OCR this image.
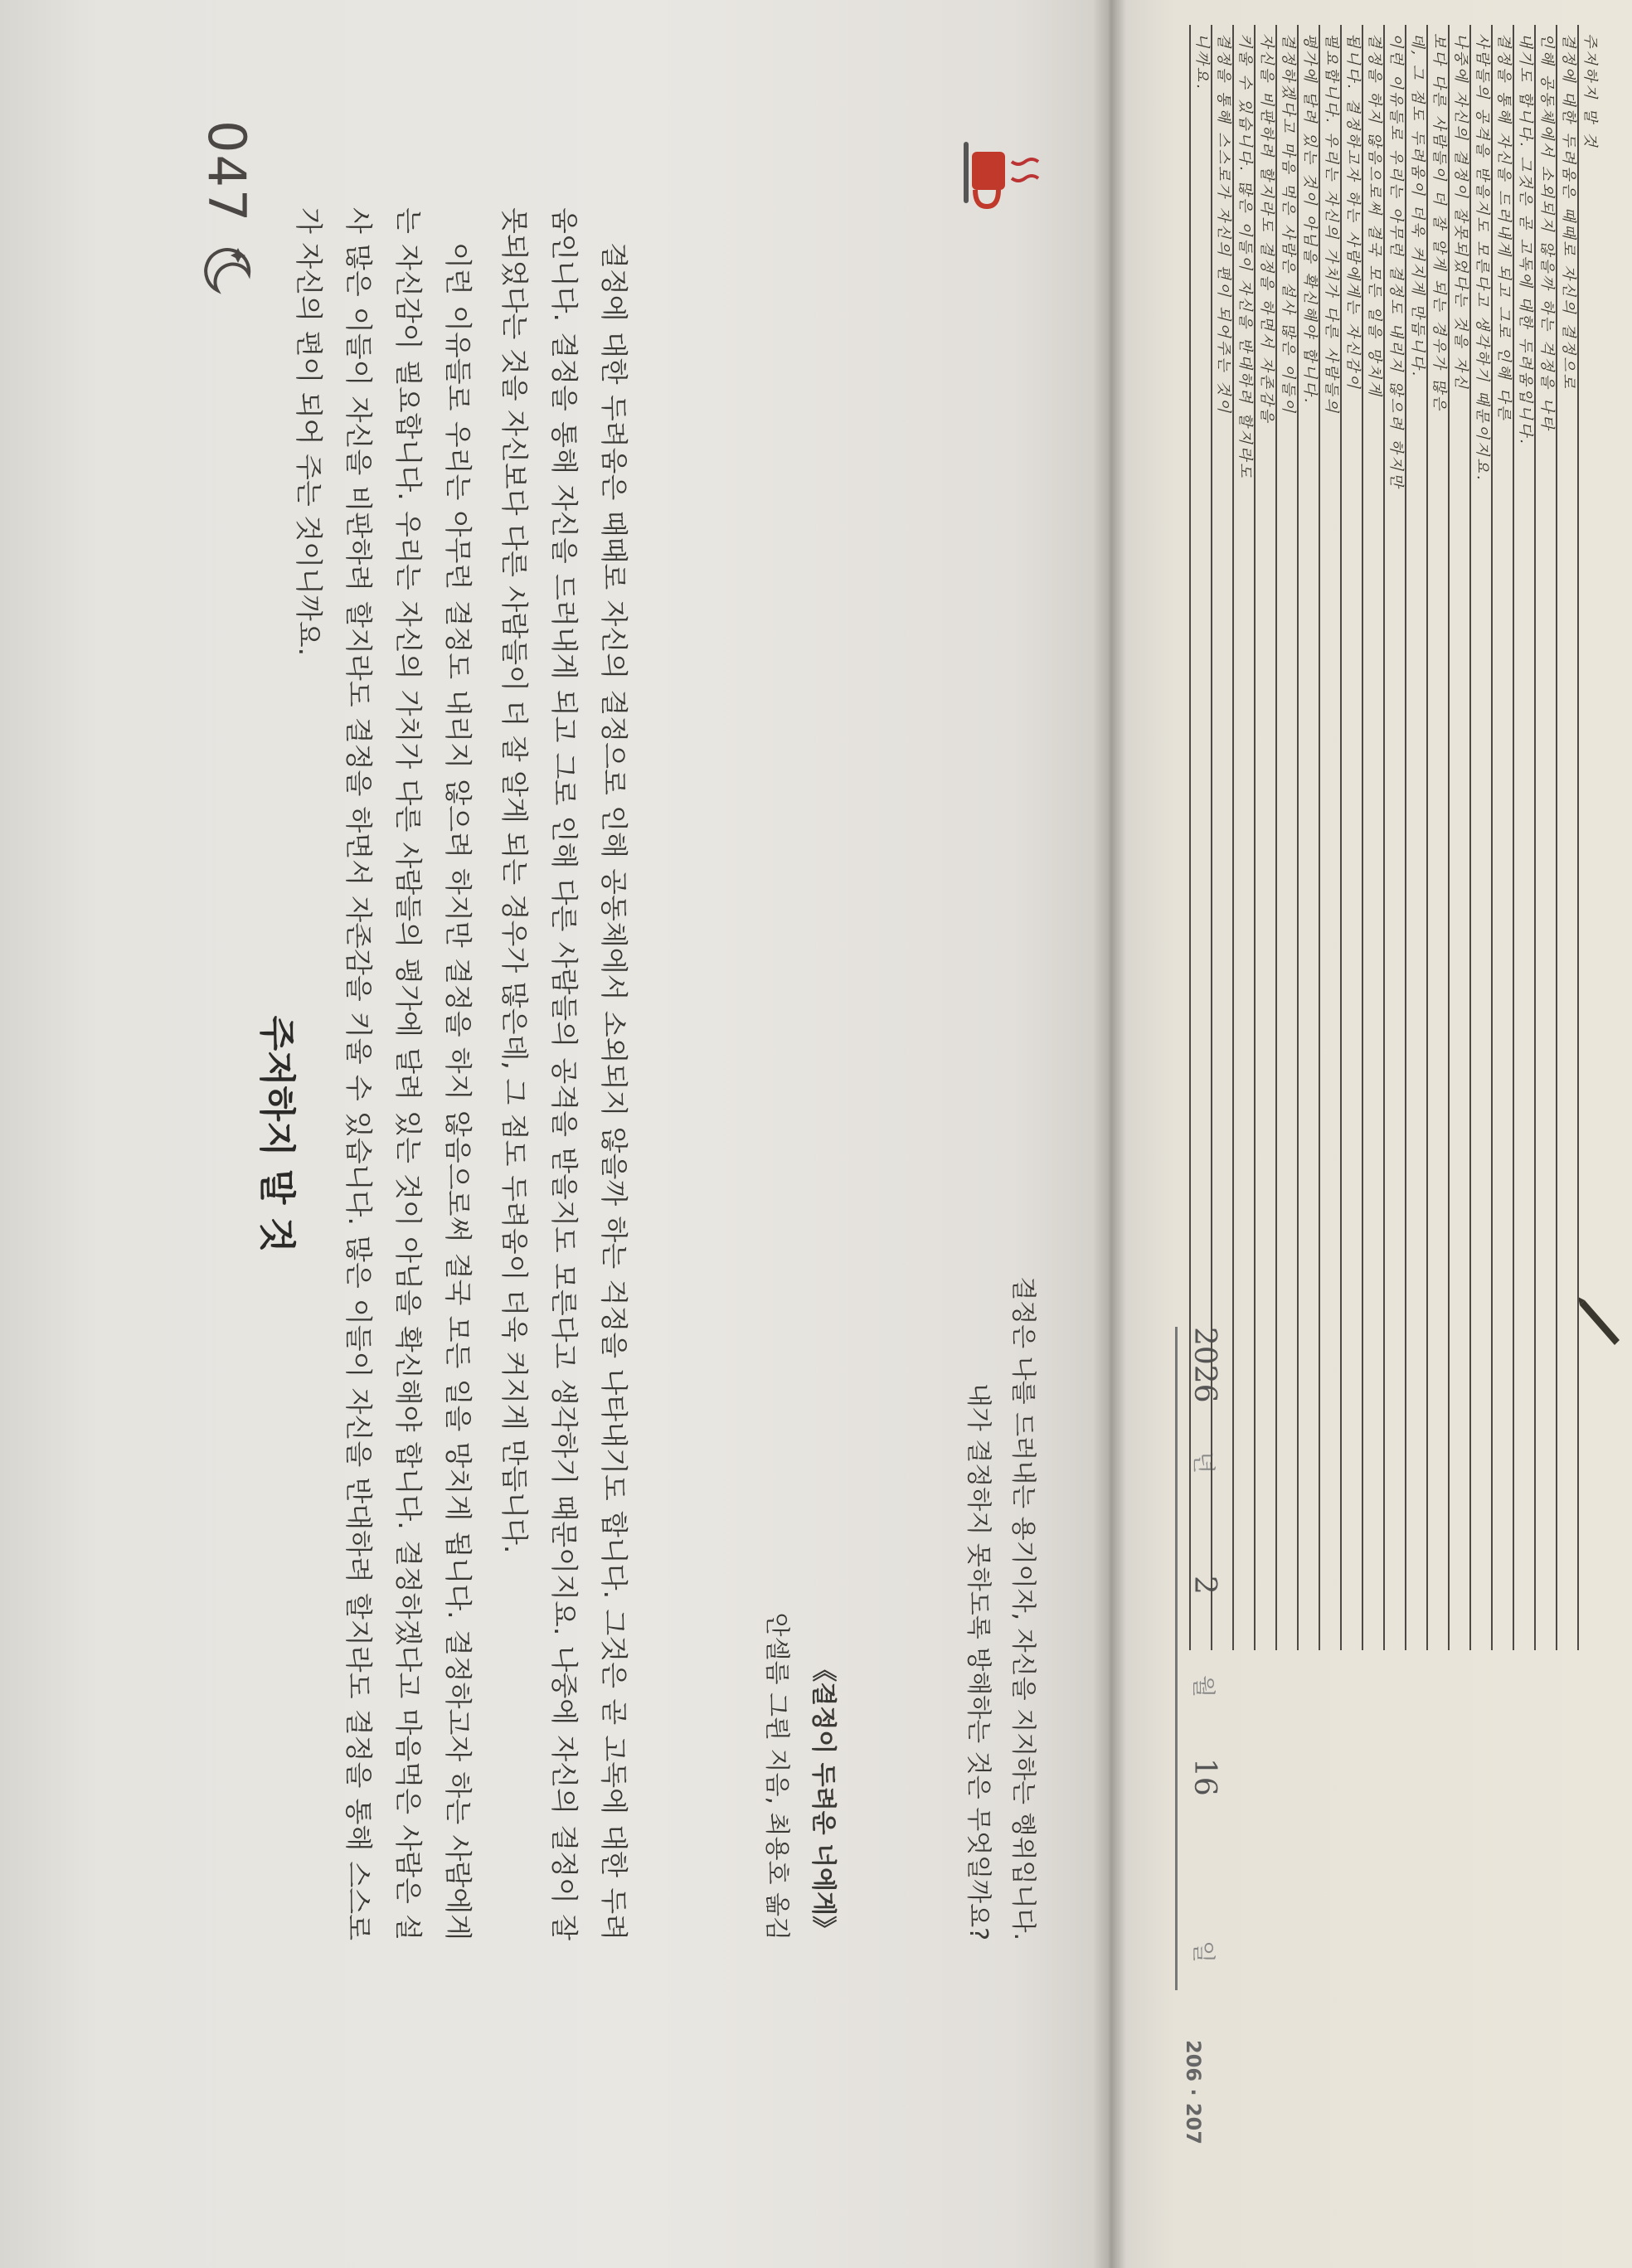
047
주저하지 말 것	결정에 대한 두려움은 때때로 자신의 결정으로 인해 공동체에서 소외되지 않을까 하는 걱정을 나타내기도 합니다. 그것은 곧 고독에 대한 두려움인니다. 결정을 통해 자신을 드러내게 되고 그로 인해 다른 사람들의 공격을 받을지도 모른다고 생각하기 때문이지요. 나중에 자신의 결정이 잘못되었다는 것을 자신보다 다른 사람들이 더 잘 알게 되는 경우가 많은데, 그 점도 두려움이 더욱 커지게 만듭니다.

이런 이유들로 우리는 아무런 결정도 내리지 않으려 하지만 결정을 하지 않음으로써 결국 모든 일을 망치게 됩니다. 결정하고자 하는 사람에게는 자신감이 필요합니다. 우리는 자신의 가치가 다른 사람들의 평가에 달려 있는 것이 아님을 확신해야 합니다. 결정하겠다고 마음먹은 사람은 설사 많은 이들이 자신을 비판하려 할지라도 결정을 하면서 자존감을 키울 수 있습니다. 많은 이들이 자신을 반대하려 할지라도 결정을 통해 스스로가 자신의 편이 되어 주는 것이니까요.

《결정이 두려운 너에게》
안셀름 그륀 지음, 최용호 옮김	결정은 나를 드러내는 용기이자, 자신을 지지하는 행위입니다.
내가 결정하지 못하도록 방해하는 것은 무엇일까요?
2026
년
2
월
16
일
206 · 207
주저하지 말 것
결정에 대한 두려움은 때때로 자신의 결정으로
인해 공동체에서 소외되지 않을까 하는 걱정을 나타
내기도 합니다. 그것은 곧 고독에 대한 두려움입니다.
결정을 통해 자신을 드러내게 되고 그로 인해 다른
사람들의 공격을 받을지도 모른다고 생각하기 때문이지요.
나중에 자신의 결정이 잘못되었다는 것을 자신
보다 다른 사람들이 더 잘 알게 되는 경우가 많은
데, 그 점도 두려움이 더욱 커지게 만듭니다.
이런 이유들로 우리는 아무런 결정도 내리지 않으려 하지만
결정을 하지 않음으로써 결국 모든 일을 망치게
됩니다. 결정하고자 하는 사람에게는 자신감이
필요합니다. 우리는 자신의 가치가 다른 사람들의
평가에 달려 있는 것이 아님을 확신해야 합니다.
결정하겠다고 마음 먹은 사람은 설사 많은 이들이
자신을 비판하려 할지라도 결정을 하면서 자존감을
키울 수 있습니다. 많은 이들이 자신을 반대하려 할지라도
결정을 통해 스스로가 자신의 편이 되어주는 것이
니까요.
